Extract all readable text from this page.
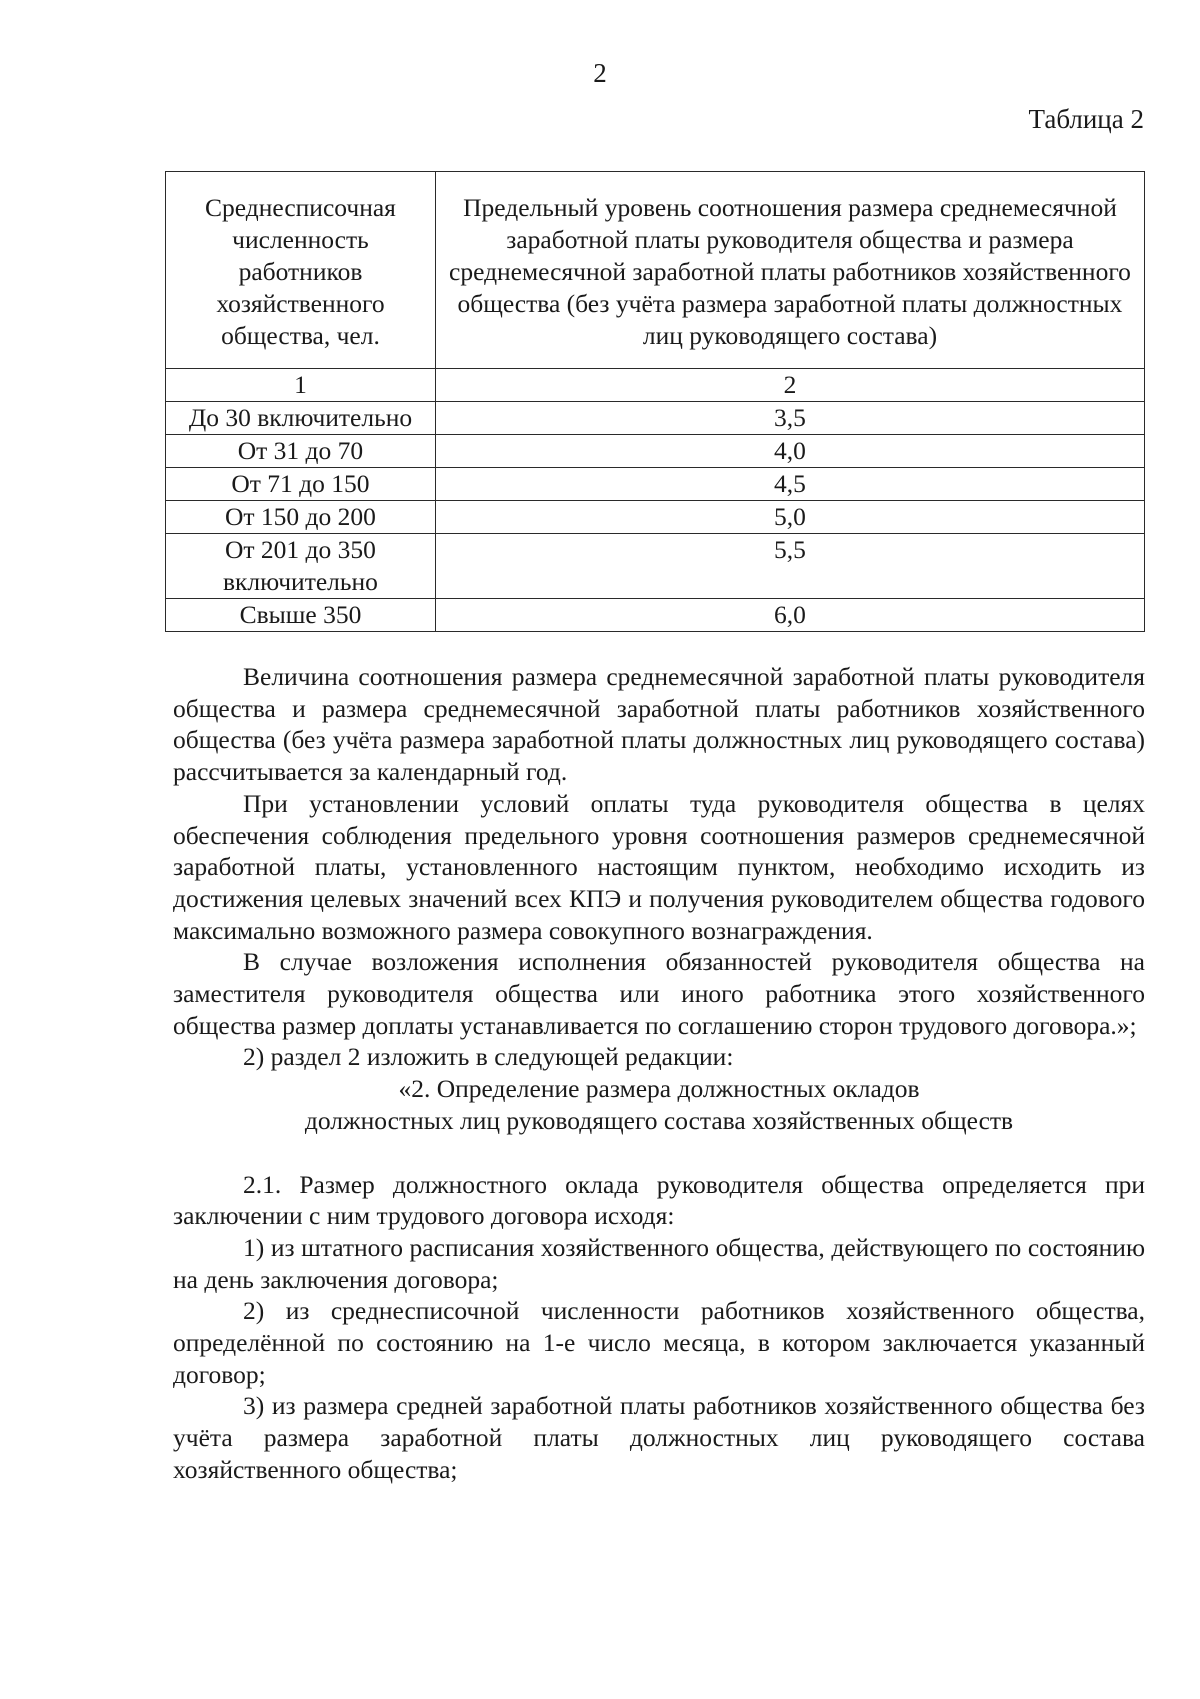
2
Таблица 2
Среднесписочная численность работников хозяйственного общества, чел.	Предельный уровень соотношения размера среднемесячной заработной платы руководителя общества и размера среднемесячной заработной платы работников хозяйственного общества (без учёта размера заработной платы должностных лиц руководящего состава)
1	2
До 30 включительно	3,5
От 31 до 70	4,0
От 71 до 150	4,5
От 150 до 200	5,0
От 201 до 350 включительно	5,5
Свыше 350	6,0

Величина соотношения размера среднемесячной заработной платы руководителя общества и размера среднемесячной заработной платы работников хозяйственного общества (без учёта размера заработной платы должностных лиц руководящего состава) рассчитывается за календарный год.

При установлении условий оплаты туда руководителя общества в целях обеспечения соблюдения предельного уровня соотношения размеров среднемесячной заработной платы, установленного настоящим пунктом, необходимо исходить из достижения целевых значений всех КПЭ и получения руководителем общества годового максимально возможного размера совокупного вознаграждения.

В случае возложения исполнения обязанностей руководителя общества на заместителя руководителя общества или иного работника этого хозяйственного общества размер доплаты устанавливается по соглашению сторон трудового договора.»;

2) раздел 2 изложить в следующей редакции:

«2. Определение размера должностных окладов

должностных лиц руководящего состава хозяйственных обществ

2.1. Размер должностного оклада руководителя общества определяется при заключении с ним трудового договора исходя:

1) из штатного расписания хозяйственного общества, действующего по состоянию на день заключения договора;

2) из среднесписочной численности работников хозяйственного общества, определённой по состоянию на 1-е число месяца, в котором заключается указанный договор;

3) из размера средней заработной платы работников хозяйственного общества без учёта размера заработной платы должностных лиц руководящего состава хозяйственного общества;
